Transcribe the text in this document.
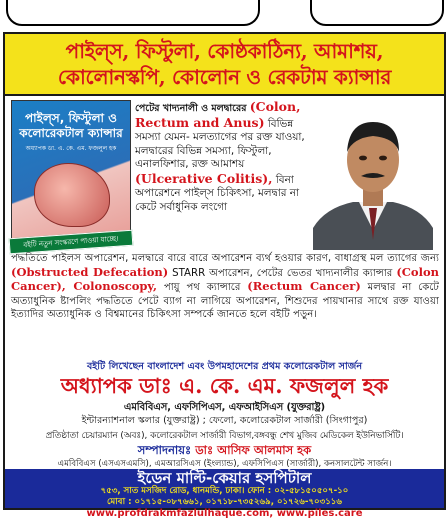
পাইল্‌স, ফিস্টুলা, কোষ্ঠকাঠিন্য, আমাশয়,
কোলোনস্কপি, কোলোন ও রেকটাম ক্যান্সার
পাইল্‌স, ফিস্টুলা ও কলোরেকটাল ক্যান্সার
অধ্যাপক ডা. এ. কে. এম. ফজলুল হক
বইটি নতুন সংস্করণে পাওয়া যাচ্ছে।
পেটের খাদ্যনালী ও মলদ্বারের (Colon, Rectum and Anus) বিভিন্ন সমস্যা যেমন- মলত্যাগের পর রক্ত যাওয়া, মলদ্বারের বিভিন্ন সমস্যা, ফিস্টুলা, এনালফিশার, রক্ত আমাশয় (Ulcerative Colitis), বিনা অপারেশনে পাইল্‌স চিকিৎসা, মলদ্বার না কেটে সর্বাধুনিক লংগো
পদ্ধতিতে পাইলস অপারেশন, মলদ্বারে বারে বারে অপারেশন ব্যর্থ হওয়ার কারণ, বাধাগ্রস্থ মল ত্যাগের জন্য (Obstructed Defecation) STARR অপারেশন, পেটের ভেতর খাদ্যনালীর ক্যান্সার (Colon Cancer), Colonoscopy, পায়ু পথ ক্যান্সারে (Rectum Cancer) মলদ্বার না কেটে অত্যাধুনিক ষ্টাপলিং পদ্ধতিতে পেটে ব্যাগ না লাগিয়ে অপারেশন, শিশুদের পায়খানার সাথে রক্ত যাওয়া ইত্যাদির অত্যাধুনিক ও বিশ্বমানের চিকিৎসা সম্পর্কে জানতে হলে বইটি পড়ুন।
বইটি লিখেছেন বাংলাদেশ এবং উপমহাদেশের প্রথম কলোরেকটাল সার্জন
অধ্যাপক ডাঃ এ. কে. এম. ফজলুল হক
এমবিবিএস, এফসিপিএস, এফআইসিএস (যুক্তরাষ্ট্র)
ইন্টারন্যাশনাল স্কলার (যুক্তরাষ্ট্র) ; ফেলো, কলোরেকটাল সার্জারী (সিংগাপুর)
প্রতিষ্ঠাতা চেয়ারম্যান (অবঃ), কলোরেকটাল সার্জারী বিভাগ,বঙ্গবন্ধু শেখ মুজিব মেডিকেল ইউনিভার্সিটি।
সম্পাদনায়ঃ ডাঃ আসিফ আলমাস হক
এমবিবিএস (এসএসএমসি), এমআরসিএস (ইংল্যান্ড), এফসিপিএস (সার্জারী), কনসালটেন্ট সার্জন।
ইডেন মাল্টি-কেয়ার হসপিটাল
৭৫৩, সাত মসজিদ রোড, ধানমন্ডি, ঢাকা। ফোন : ০২-৫৮১৫০৫০৭-১০
মোবা : ০১৭১৫-০৮৭৬৬১, ০১৭১৮-৭৩৫২৬৯, ০১৭২৬-৭০৩১১৬
www.profdrakmfazlulhaque.com, www.piles.care
